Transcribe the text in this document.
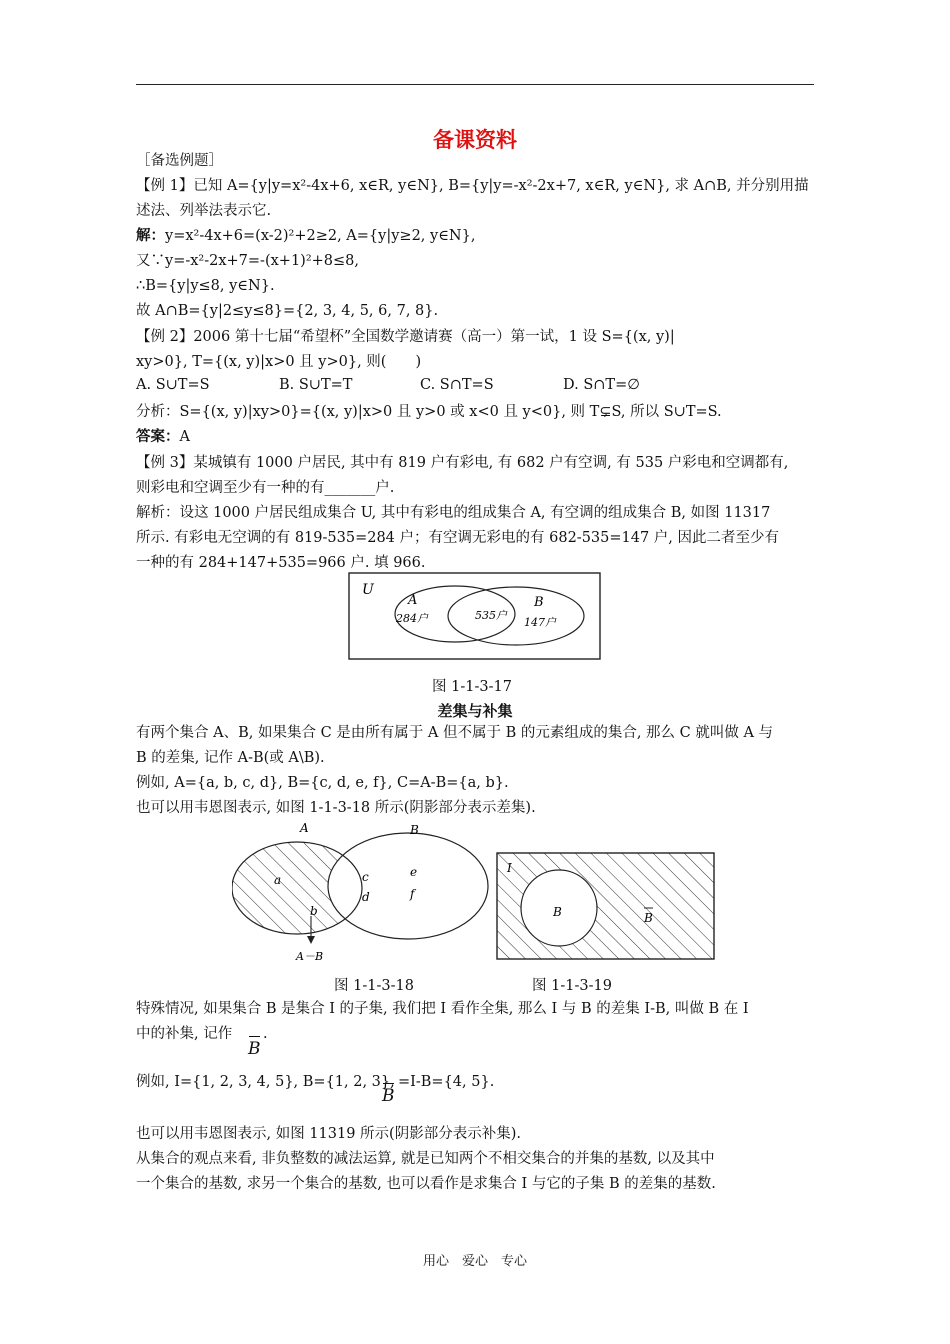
备课资料
［备选例题］
【例 1】已知 A={y|y=x²-4x+6, x∈R, y∈N}, B={y|y=-x²-2x+7, x∈R, y∈N}, 求 A∩B, 并分别用描
述法、列举法表示它.
解：y=x²-4x+6=(x-2)²+2≥2, A={y|y≥2, y∈N},
又∵y=-x²-2x+7=-(x+1)²+8≤8,
∴B={y|y≤8, y∈N}.
故 A∩B={y|2≤y≤8}={2, 3, 4, 5, 6, 7, 8}.
【例 2】2006 第十七届“希望杯”全国数学邀请赛（高一）第一试，1 设 S={(x, y)|
xy>0}, T={(x, y)|x>0 且 y>0}, 则(　　)
A. S∪T=S	B. S∪T=T	C. S∩T=S	D. S∩T=∅
分析：S={(x, y)|xy>0}={(x, y)|x>0 且 y>0 或 x<0 且 y<0}, 则 T⊊S, 所以 S∪T=S.
答案：A
【例 3】某城镇有 1000 户居民, 其中有 819 户有彩电, 有 682 户有空调, 有 535 户彩电和空调都有,
则彩电和空调至少有一种的有_______户.
解析：设这 1000 户居民组成集合 U, 其中有彩电的组成集合 A, 有空调的组成集合 B, 如图 11317
所示. 有彩电无空调的有 819-535=284 户；有空调无彩电的有 682-535=147 户, 因此二者至少有
一种的有 284+147+535=966 户. 填 966.
U
A
284户	535户
B
147户
图 1-1-3-17
差集与补集
有两个集合 A、B, 如果集合 C 是由所有属于 A 但不属于 B 的元素组成的集合, 那么 C 就叫做 A 与
B 的差集, 记作 A-B(或 A\B).
例如, A={a, b, c, d}, B={c, d, e, f}, C=A-B={a, b}.
也可以用韦恩图表示, 如图 1-1-3-18 所示(阴影部分表示差集).
A	B
a
b
c
d
e
f
A－B
I
B	B
图 1-1-3-18	图 1-1-3-19
特殊情况, 如果集合 B 是集合 I 的子集, 我们把 I 看作全集, 那么 I 与 B 的差集 I-B, 叫做 B 在 I
中的补集, 记作
B
.
例如, I={1, 2, 3, 4, 5}, B={1, 2, 3},
B
=I-B={4, 5}.
也可以用韦恩图表示, 如图 11319 所示(阴影部分表示补集).
从集合的观点来看, 非负整数的减法运算, 就是已知两个不相交集合的并集的基数, 以及其中
一个集合的基数, 求另一个集合的基数, 也可以看作是求集合 I 与它的子集 B 的差集的基数.
用心　爱心　专心
